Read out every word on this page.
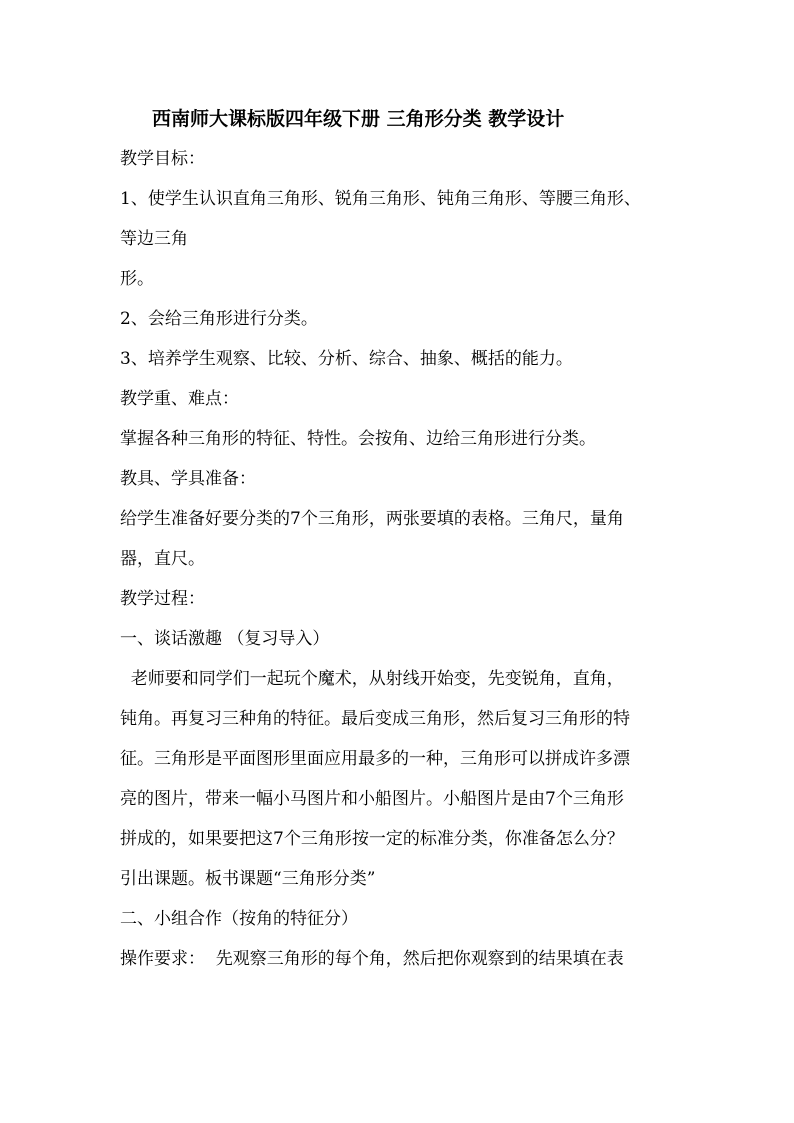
西南师大课标版四年级下册 三角形分类 教学设计
教学目标：
1、使学生认识直角三角形、锐角三角形、钝角三角形、等腰三角形、
等边三角
形。
2、会给三角形进行分类。
3、培养学生观察、比较、分析、综合、抽象、概括的能力。
教学重、难点：
掌握各种三角形的特征、特性。会按角、边给三角形进行分类。
教具、学具准备：
给学生准备好要分类的7个三角形，两张要填的表格。三角尺，量角
器，直尺。
教学过程：
一、谈话激趣 （复习导入）
老师要和同学们一起玩个魔术，从射线开始变，先变锐角，直角，
钝角。再复习三种角的特征。最后变成三角形，然后复习三角形的特
征。三角形是平面图形里面应用最多的一种，三角形可以拼成许多漂
亮的图片，带来一幅小马图片和小船图片。小船图片是由7个三角形
拼成的，如果要把这7个三角形按一定的标准分类，你准备怎么分？
引出课题。板书课题“三角形分类”
二、小组合作（按角的特征分）
操作要求：  先观察三角形的每个角，然后把你观察到的结果填在表
